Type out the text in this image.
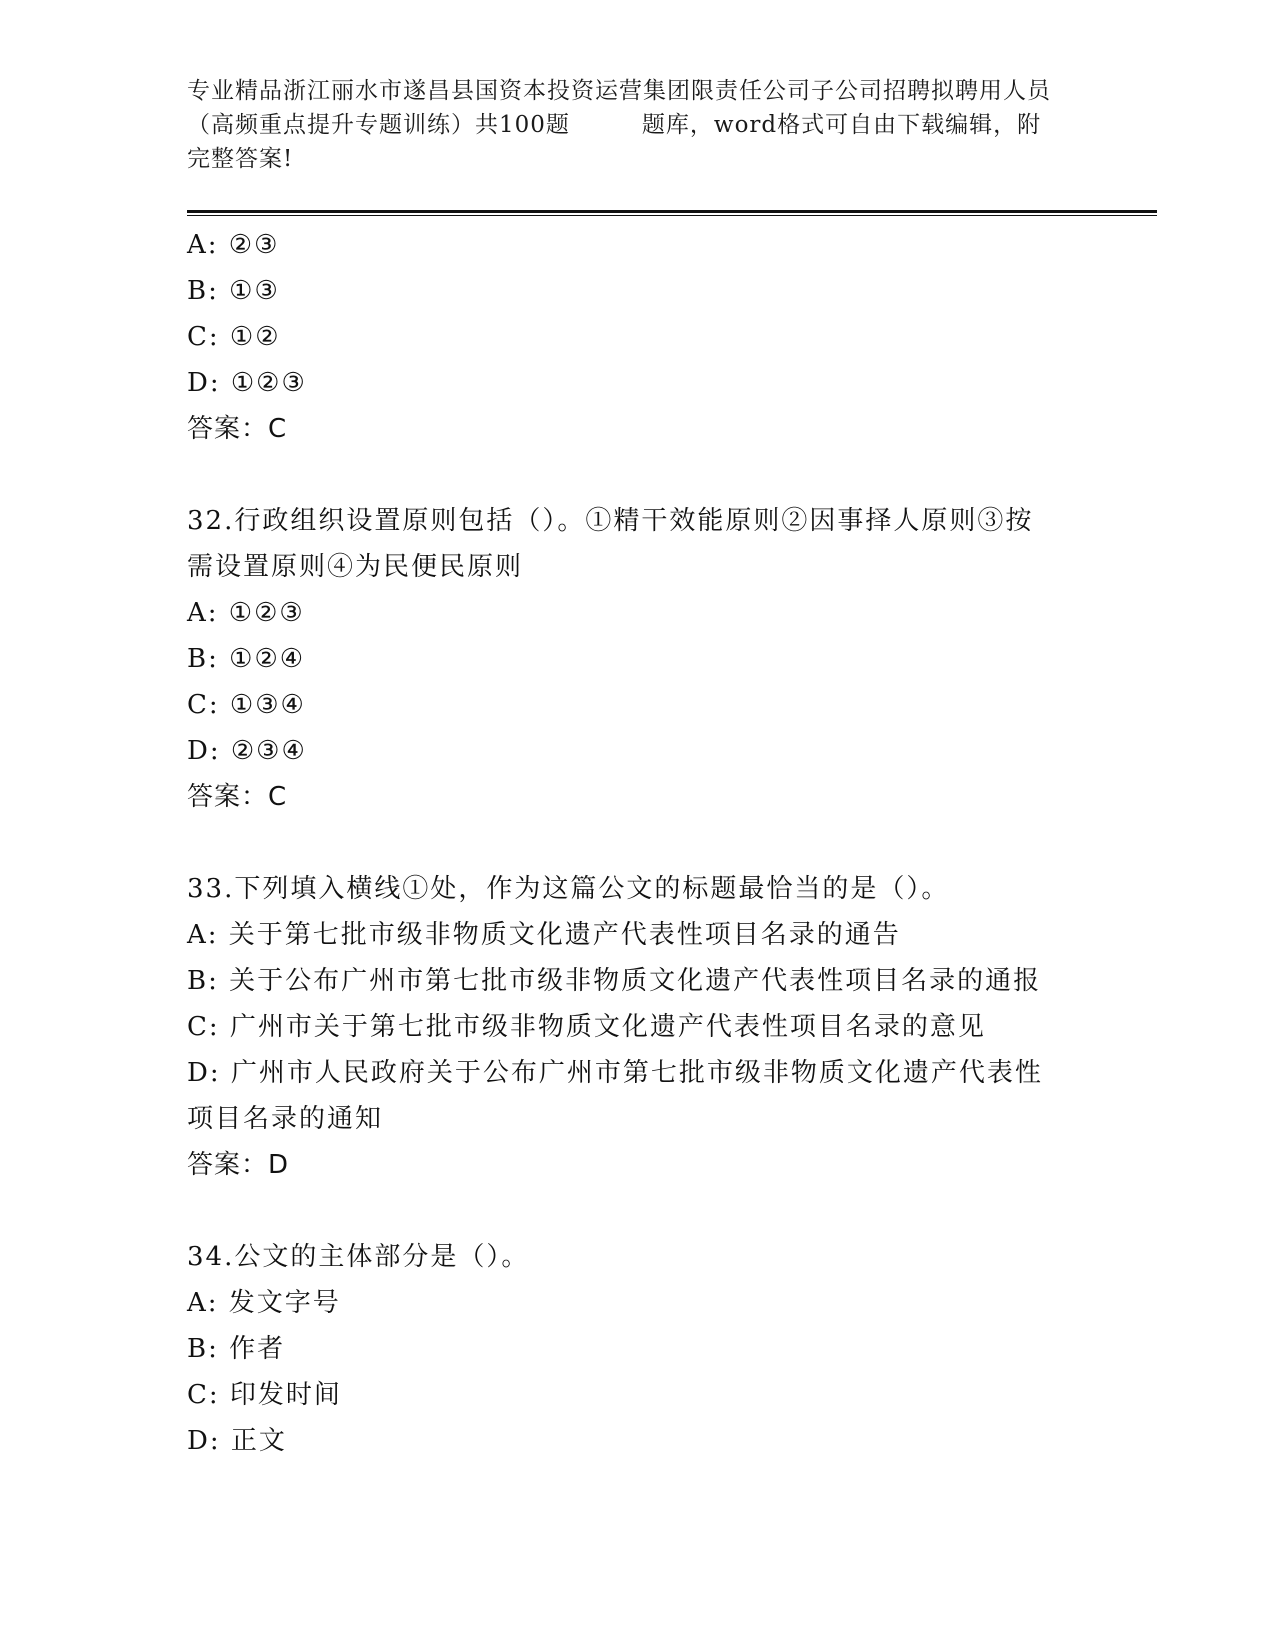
专业精品浙江丽水市遂昌县国资本投资运营集团限责任公司子公司招聘拟聘用人员
（高频重点提升专题训练）共100题　　　题库，word格式可自由下载编辑，附
完整答案!
A: ②③
B: ①③
C: ①②
D: ①②③
答案：C
32.行政组织设置原则包括（）。①精干效能原则②因事择人原则③按
需设置原则④为民便民原则
A: ①②③
B: ①②④
C: ①③④
D: ②③④
答案：C
33.下列填入横线①处，作为这篇公文的标题最恰当的是（）。
A: 关于第七批市级非物质文化遗产代表性项目名录的通告
B: 关于公布广州市第七批市级非物质文化遗产代表性项目名录的通报
C: 广州市关于第七批市级非物质文化遗产代表性项目名录的意见
D: 广州市人民政府关于公布广州市第七批市级非物质文化遗产代表性
项目名录的通知
答案：D
34.公文的主体部分是（）。
A: 发文字号
B: 作者
C: 印发时间
D: 正文
